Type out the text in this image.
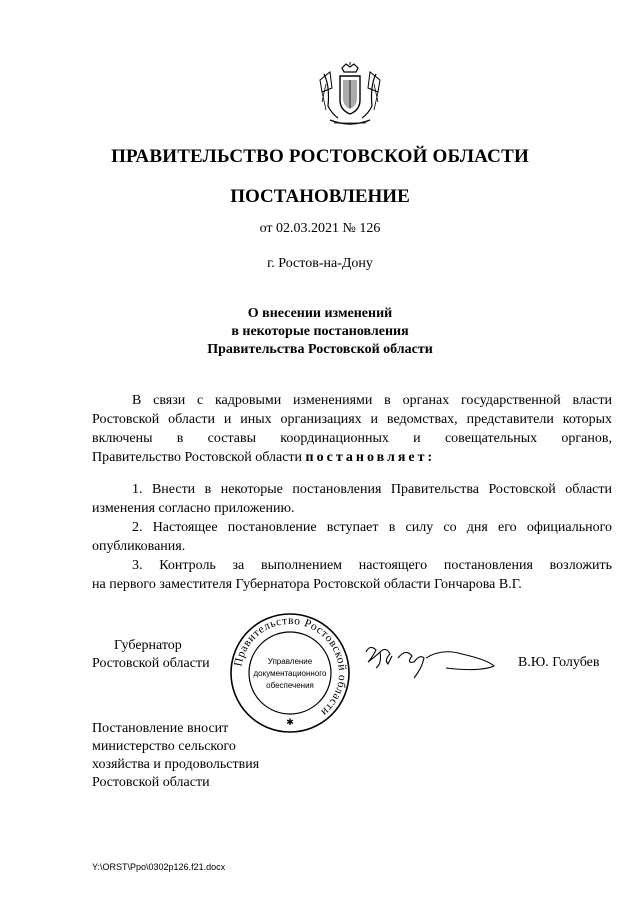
ПРАВИТЕЛЬСТВО РОСТОВСКОЙ ОБЛАСТИ
ПОСТАНОВЛЕНИЕ
от 02.03.2021 № 126
г. Ростов-на-Дону
О внесении изменений
в некоторые постановления
Правительства Ростовской области
В связи с кадровыми изменениями в органах государственной власти
Ростовской области и иных организациях и ведомствах, представители которых
включены в составы координационных и совещательных органов,
Правительство Ростовской области постановляет:

1. Внести в некоторые постановления Правительства Ростовской области
изменения согласно приложению.

2. Настоящее постановление вступает в силу со дня его официального
опубликования.

3. Контроль за выполнением настоящего постановления возложить
на первого заместителя Губернатора Ростовской области Гончарова В.Г.

Губернатор
Ростовской области Правительство Ростовской области
Управление
документационного
обеспечения
✱
В.Ю. Голубев
Постановление вносит
министерство сельского
хозяйства и продовольствия
Ростовской области
Y:\ORST\Ppo\0302p126.f21.docx
